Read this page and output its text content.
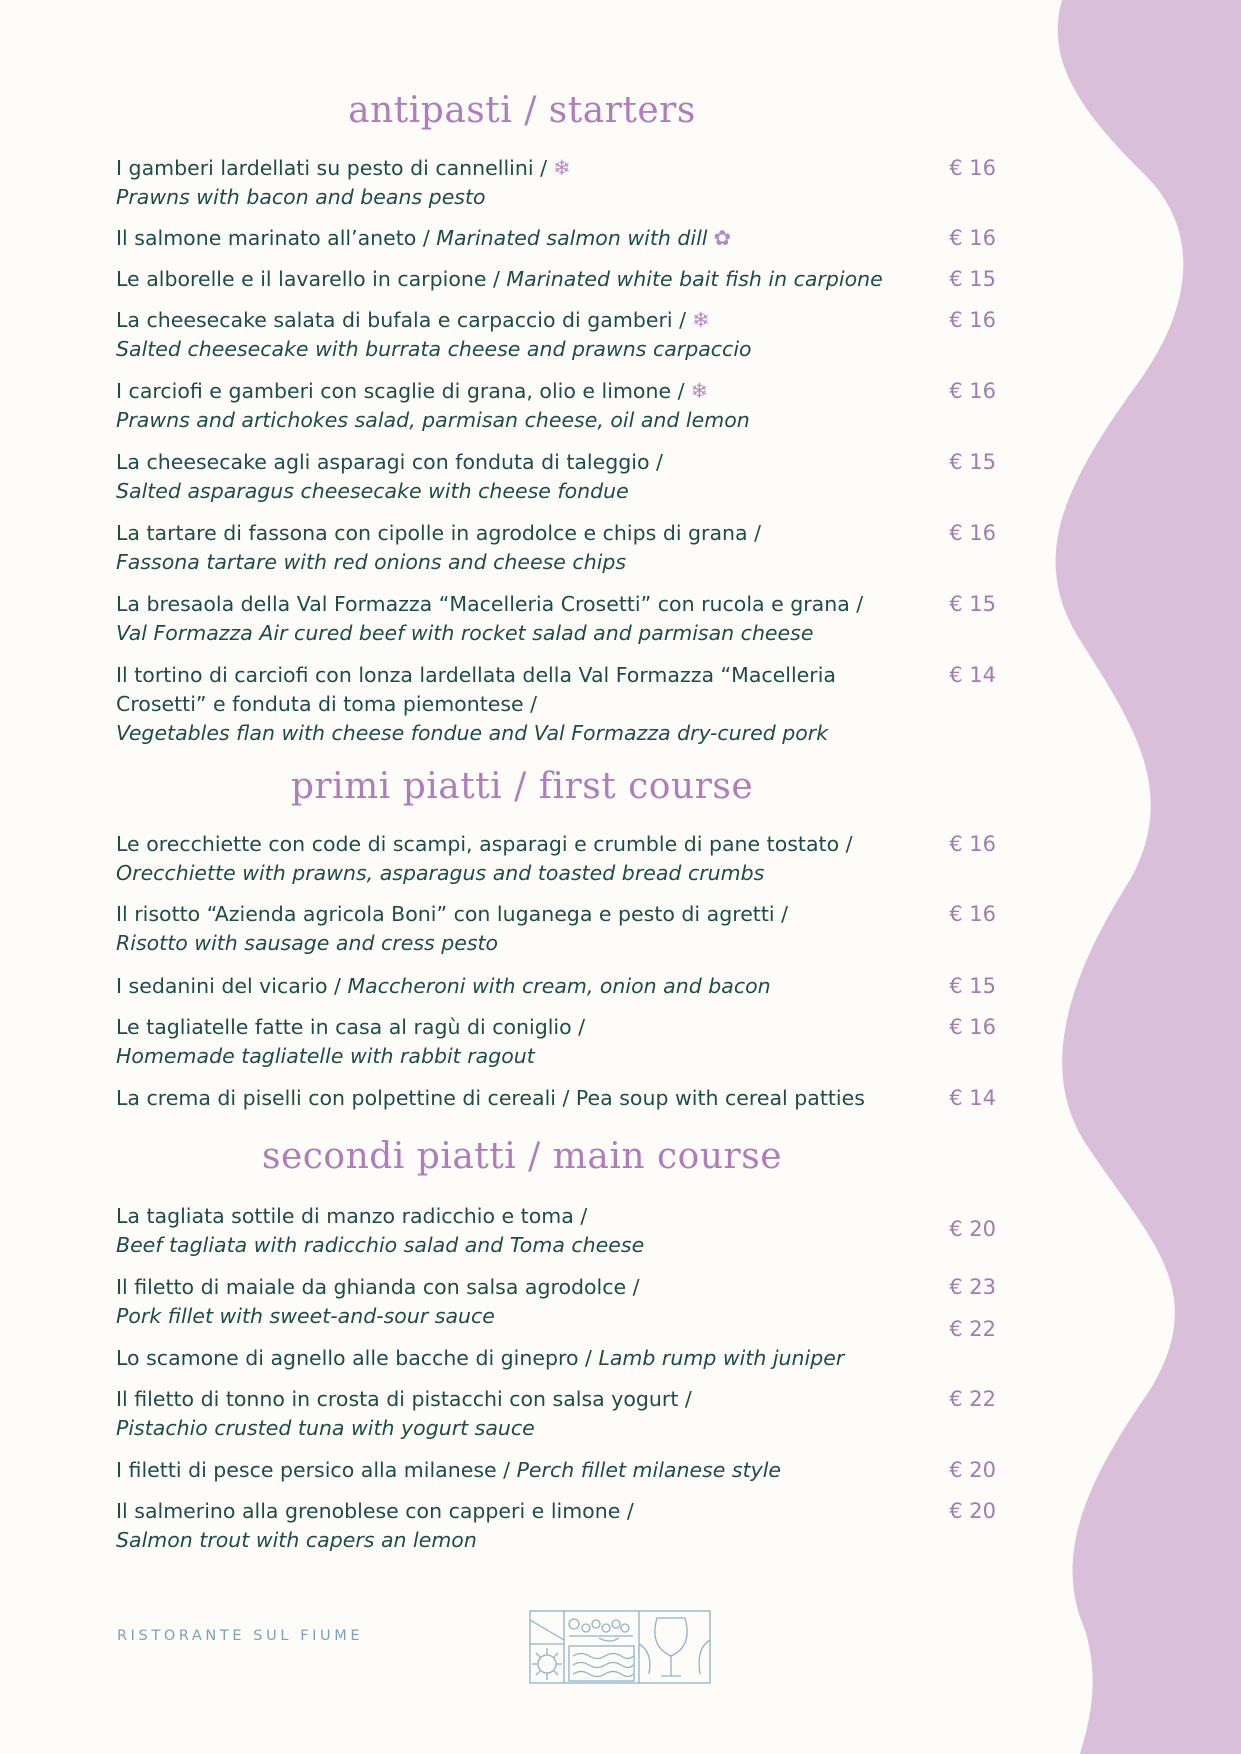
antipasti / starters
primi piatti / first course
secondi piatti / main course
I gamberi lardellati su pesto di cannellini / ❄
Prawns with bacon and beans pesto
€ 16
Il salmone marinato all’aneto / Marinated salmon with dill ✿	€ 16
Le alborelle e il lavarello in carpione / Marinated white bait fish in carpione	€ 15
La cheesecake salata di bufala e carpaccio di gamberi / ❄
Salted cheesecake with burrata cheese and prawns carpaccio
€ 16
I carciofi e gamberi con scaglie di grana, olio e limone / ❄
Prawns and artichokes salad, parmisan cheese, oil and lemon
€ 16
La cheesecake agli asparagi con fonduta di taleggio /
Salted asparagus cheesecake with cheese fondue
€ 15
La tartare di fassona con cipolle in agrodolce e chips di grana /
Fassona tartare with red onions and cheese chips
€ 16
La bresaola della Val Formazza “Macelleria Crosetti” con rucola e grana /
Val Formazza Air cured beef with rocket salad and parmisan cheese
€ 15
Il tortino di carciofi con lonza lardellata della Val Formazza “Macelleria Crosetti” e fonduta di toma piemontese /
Vegetables flan with cheese fondue and Val Formazza dry-cured pork
€ 14
Le orecchiette con code di scampi, asparagi e crumble di pane tostato /
Orecchiette with prawns, asparagus and toasted bread crumbs
€ 16
Il risotto “Azienda agricola Boni” con luganega e pesto di agretti /
Risotto with sausage and cress pesto
€ 16
I sedanini del vicario / Maccheroni with cream, onion and bacon	€ 15
Le tagliatelle fatte in casa al ragù di coniglio /
Homemade tagliatelle with rabbit ragout
€ 16
La crema di piselli con polpettine di cereali / Pea soup with cereal patties	€ 14
La tagliata sottile di manzo radicchio e toma /
Beef tagliata with radicchio salad and Toma cheese
€ 20
Il filetto di maiale da ghianda con salsa agrodolce /
Pork fillet with sweet-and-sour sauce
€ 23
Lo scamone di agnello alle bacche di ginepro / Lamb rump with juniper
€ 22
Il filetto di tonno in crosta di pistacchi con salsa yogurt /
Pistachio crusted tuna with yogurt sauce
€ 22
I filetti di pesce persico alla milanese / Perch fillet milanese style	€ 20
Il salmerino alla grenoblese con capperi e limone /
Salmon trout with capers an lemon
€ 20
RISTORANTE SUL FIUME
